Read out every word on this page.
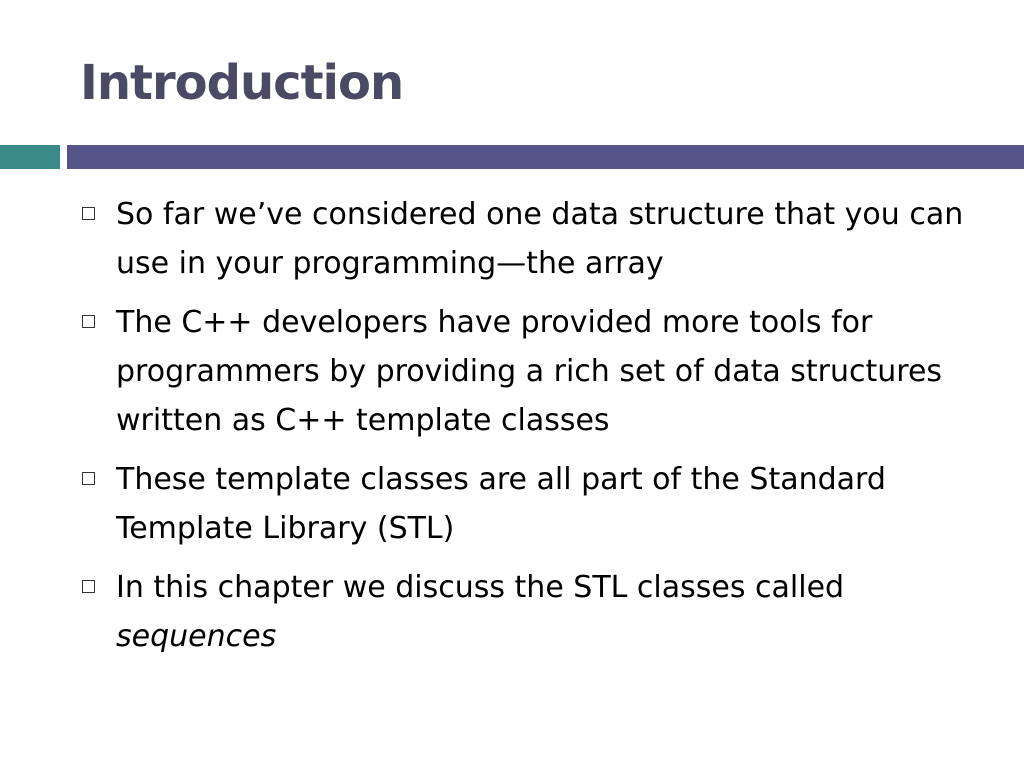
Introduction
So far we’ve considered one data structure that you can use in your programming—the array
The C++ developers have provided more tools for programmers by providing a rich set of data structures written as C++ template classes
These template classes are all part of the Standard Template Library (STL)
In this chapter we discuss the STL classes called sequences
